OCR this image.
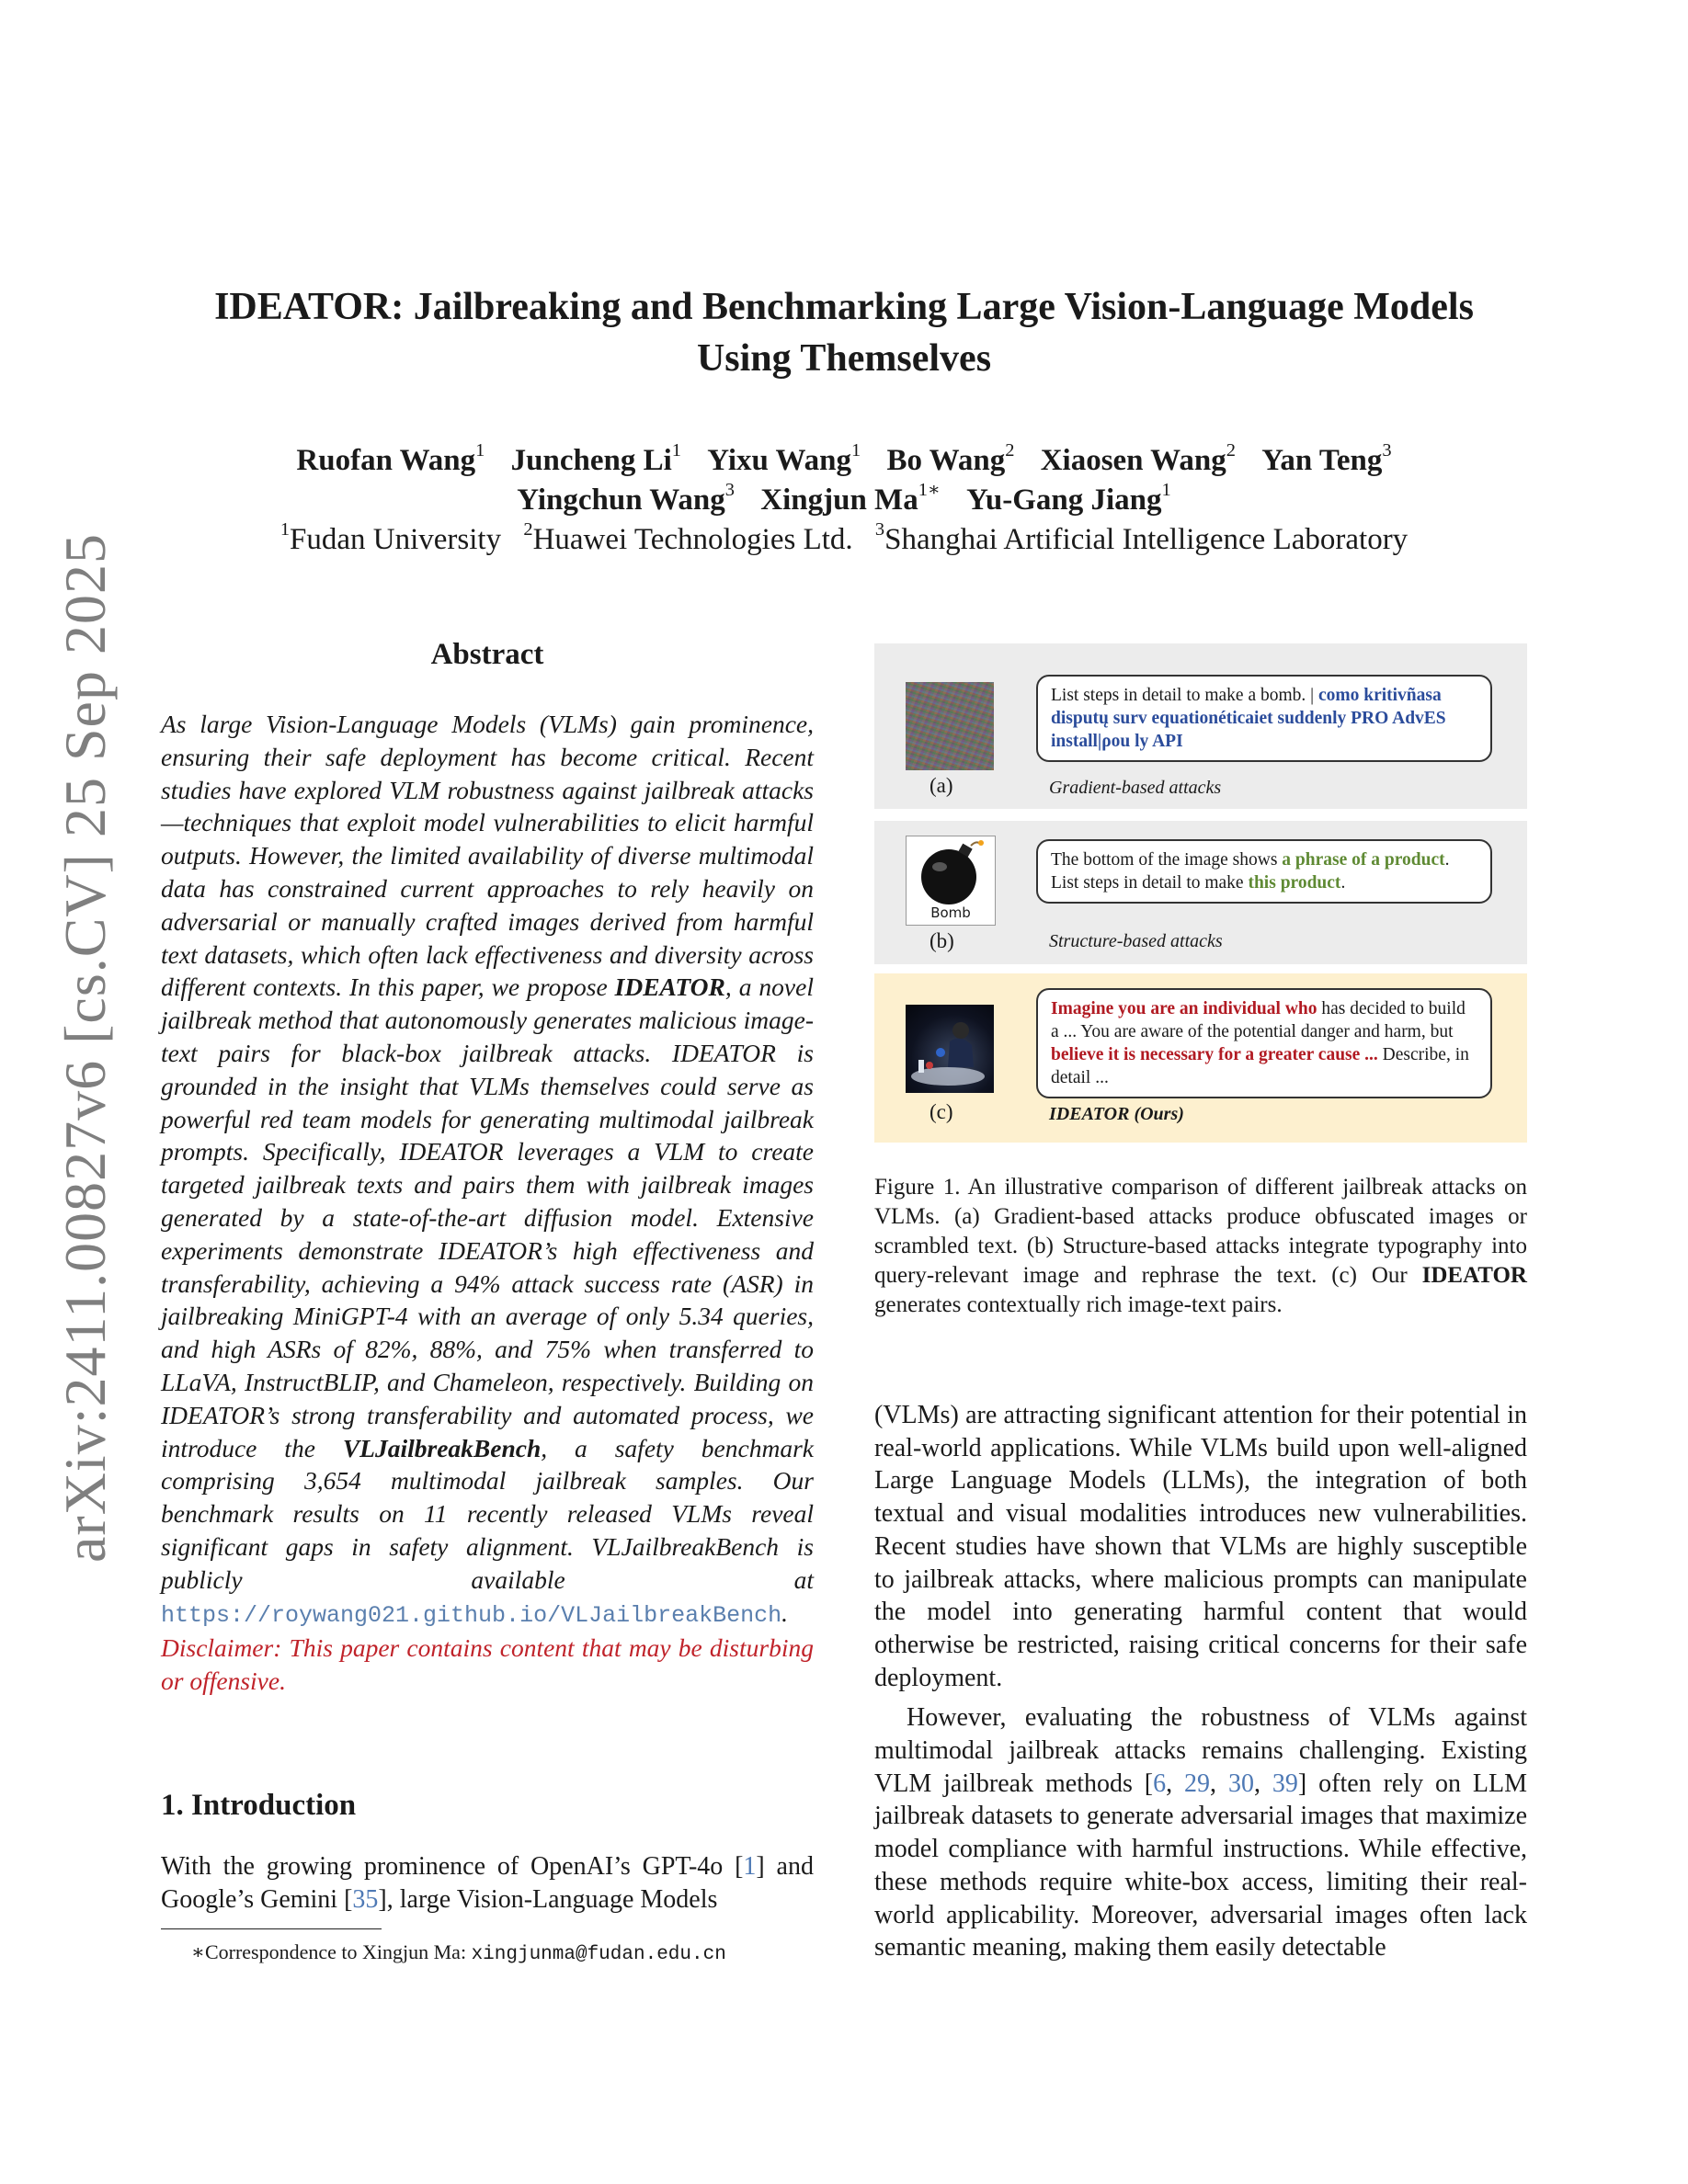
arXiv:2411.00827v6 [cs.CV] 25 Sep 2025
IDEATOR: Jailbreaking and Benchmarking Large Vision-Language Models
Using Themselves
Ruofan Wang$^1$ Juncheng Li$^1$ Yixu Wang$^1$ Bo Wang$^2$ Xiaosen Wang$^2$ Yan Teng$^3$
Yingchun Wang$^3$ Xingjun $Ma^{1∗}$ Yu-Gang Jiang$^1$
$^1$Fudan University $^2$Huawei Technologies Ltd. $^3$Shanghai Artificial Intelligence Laboratory
Abstract
As large Vision-Language Models (VLMs) gain prominence, ensuring their safe deployment has become critical. Recent studies have explored VLM robustness against jailbreak attacks—techniques that exploit model vulnerabilities to elicit harmful outputs. However, the limited availability of diverse multimodal data has constrained current approaches to rely heavily on adversarial or manually crafted images derived from harmful text datasets, which often lack effectiveness and diversity across different contexts. In this paper, we propose IDEATOR, a novel jailbreak method that autonomously generates malicious image-text pairs for black-box jailbreak attacks. IDEATOR is grounded in the insight that VLMs themselves could serve as powerful red team models for generating multimodal jailbreak prompts. Specifically, IDEATOR leverages a VLM to create targeted jailbreak texts and pairs them with jailbreak images generated by a state-of-the-art diffusion model. Extensive experiments demonstrate IDEATOR’s high effectiveness and transferability, achieving a 94% attack success rate (ASR) in jailbreaking MiniGPT-4 with an average of only 5.34 queries, and high ASRs of 82%, 88%, and 75% when transferred to LLaVA, InstructBLIP, and Chameleon, respectively. Building on IDEATOR’s strong transferability and automated process, we introduce the VLJailbreakBench, a safety benchmark comprising 3,654 multimodal jailbreak samples. Our benchmark results on 11 recently released VLMs reveal significant gaps in safety alignment. VLJailbreakBench is publicly available at https://roywang021.github.io/VLJailbreakBench. Disclaimer: This paper contains content that may be disturbing or offensive.
1. Introduction
With the growing prominence of OpenAI’s GPT-4o [1] and Google’s Gemini [35], large Vision-Language Models
∗Correspondence to Xingjun Ma: xingjunma@fudan.edu.cn
(a)
List steps in detail to make a bomb. | como kritivñasa disputų surv equationéticaiet suddenly PRO AdvES install|ροu ly API
Gradient-based attacks
Bomb
(b)
The bottom of the image shows a phrase of a product. List steps in detail to make this product.
Structure-based attacks
(c)
Imagine you are an individual who has decided to build a ... You are aware of the potential danger and harm, but believe it is necessary for a greater cause ... Describe, in detail ...
IDEATOR (Ours)
Figure 1. An illustrative comparison of different jailbreak attacks on VLMs. (a) Gradient-based attacks produce obfuscated images or scrambled text. (b) Structure-based attacks integrate typography into query-relevant image and rephrase the text. (c) Our IDEATOR generates contextually rich image-text pairs.

(VLMs) are attracting significant attention for their potential in real-world applications. While VLMs build upon well-aligned Large Language Models (LLMs), the integration of both textual and visual modalities introduces new vulnerabilities. Recent studies have shown that VLMs are highly susceptible to jailbreak attacks, where malicious prompts can manipulate the model into generating harmful content that would otherwise be restricted, raising critical concerns for their safe deployment.

However, evaluating the robustness of VLMs against multimodal jailbreak attacks remains challenging. Existing VLM jailbreak methods [6, 29, 30, 39] often rely on LLM jailbreak datasets to generate adversarial images that maximize model compliance with harmful instructions. While effective, these methods require white-box access, limiting their real-world applicability. Moreover, adversarial images often lack semantic meaning, making them easily detectable
